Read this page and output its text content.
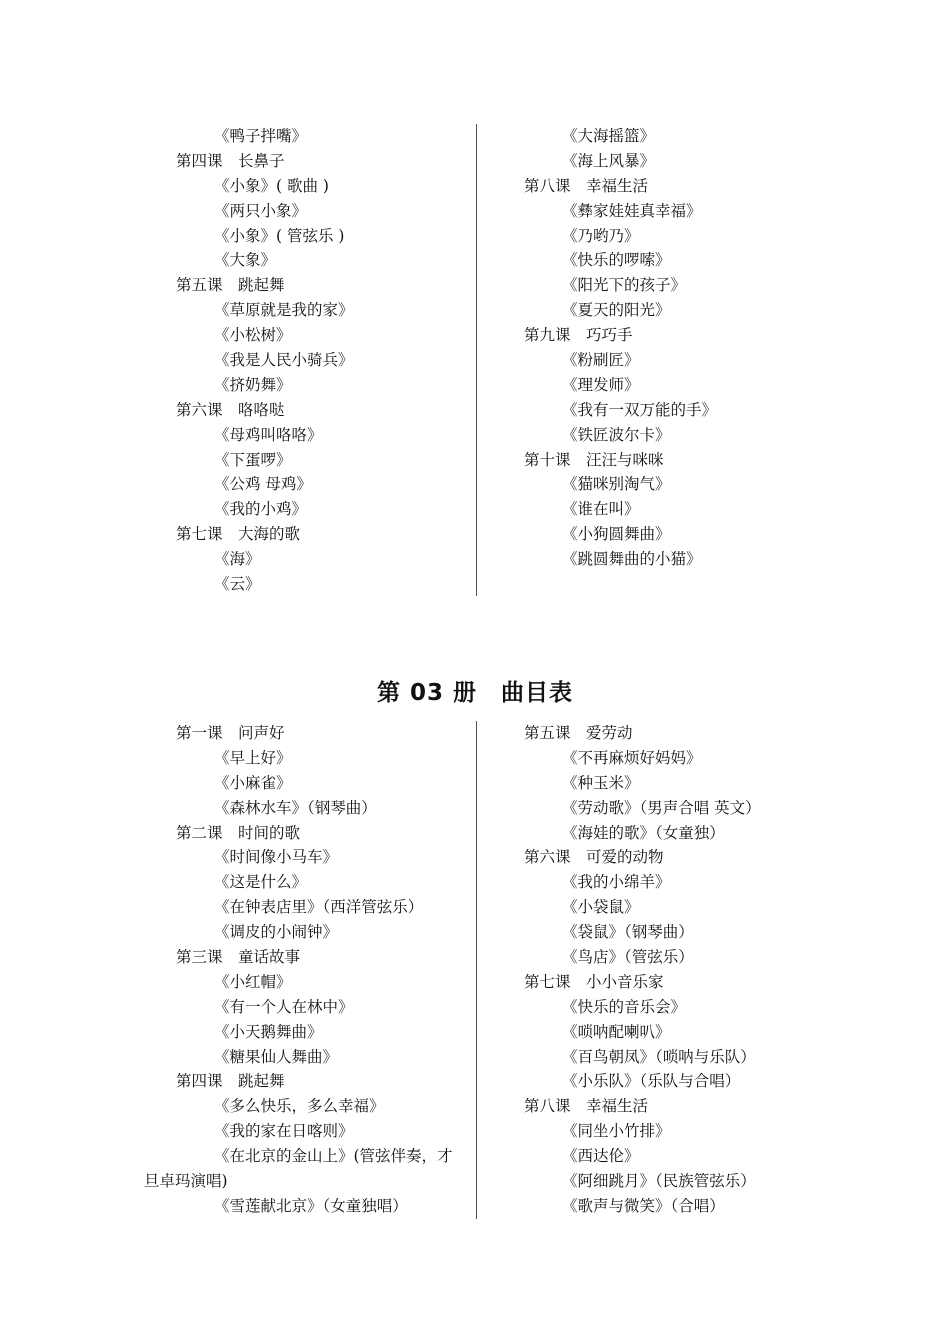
《鸭子拌嘴》
第四课　长鼻子
《小象》( 歌曲 )
《两只小象》
《小象》( 管弦乐 )
《大象》
第五课　跳起舞
《草原就是我的家》
《小松树》
《我是人民小骑兵》
《挤奶舞》
第六课　咯咯哒
《母鸡叫咯咯》
《下蛋啰》
《公鸡 母鸡》
《我的小鸡》
第七课　大海的歌
《海》
《云》
《大海摇篮》
《海上风暴》
第八课　幸福生活
《彝家娃娃真幸福》
《乃哟乃》
《快乐的啰嗦》
《阳光下的孩子》
《夏天的阳光》
第九课　巧巧手
《粉刷匠》
《理发师》
《我有一双万能的手》
《铁匠波尔卡》
第十课　汪汪与咪咪
《猫咪别淘气》
《谁在叫》
《小狗圆舞曲》
《跳圆舞曲的小猫》
第 03 册　曲目表
第一课　问声好
《早上好》
《小麻雀》
《森林水车》（钢琴曲）
第二课　时间的歌
《时间像小马车》
《这是什么》
《在钟表店里》（西洋管弦乐）
《调皮的小闹钟》
第三课　童话故事
《小红帽》
《有一个人在林中》
《小天鹅舞曲》
《糖果仙人舞曲》
第四课　跳起舞
《多么快乐，多么幸福》
《我的家在日喀则》
《在北京的金山上》(管弦伴奏，才
旦卓玛演唱)
《雪莲献北京》（女童独唱）
第五课　爱劳动
《不再麻烦好妈妈》
《种玉米》
《劳动歌》（男声合唱 英文）
《海娃的歌》（女童独）
第六课　可爱的动物
《我的小绵羊》
《小袋鼠》
《袋鼠》（钢琴曲）
《鸟店》（管弦乐）
第七课　小小音乐家
《快乐的音乐会》
《唢呐配喇叭》
《百鸟朝凤》（唢呐与乐队）
《小乐队》（乐队与合唱）
第八课　幸福生活
《同坐小竹排》
《西达伦》
《阿细跳月》（民族管弦乐）
《歌声与微笑》（合唱）
